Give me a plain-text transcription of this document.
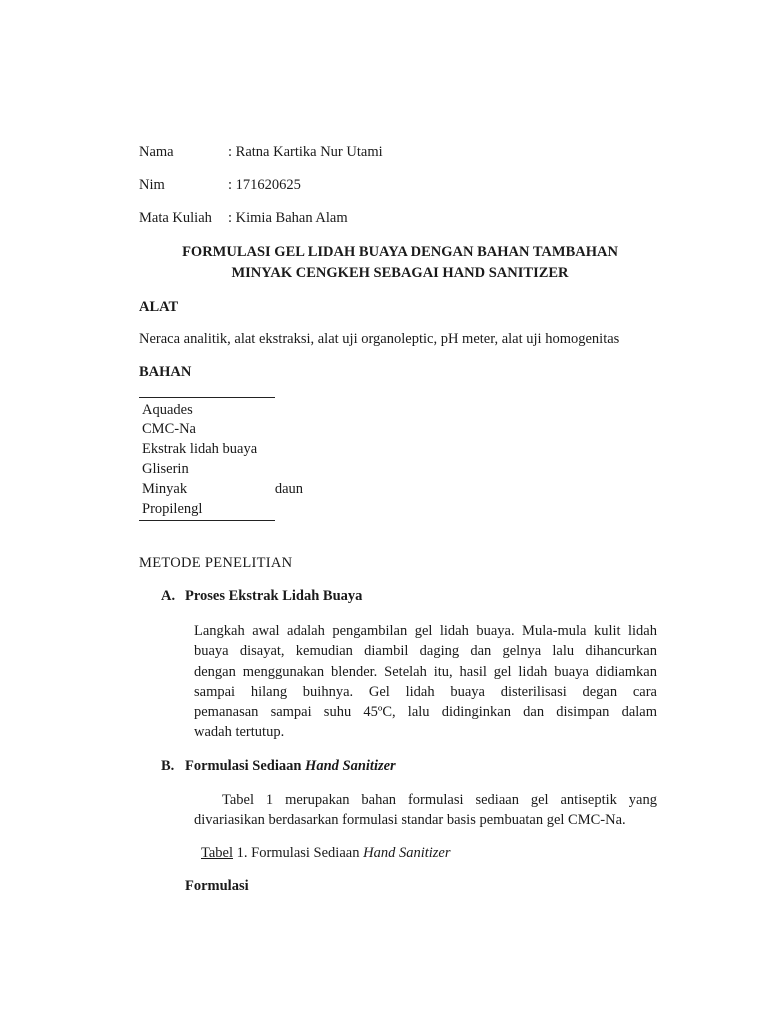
Nama	: Ratna Kartika Nur Utami
Nim	: 171620625
Mata Kuliah : Kimia Bahan Alam
FORMULASI GEL LIDAH BUAYA DENGAN BAHAN TAMBAHAN
MINYAK CENGKEH SEBAGAI HAND SANITIZER
ALAT
Neraca analitik, alat ekstraksi, alat uji organoleptic, pH meter, alat uji homogenitas
BAHAN
Aquades
CMC-Na
Ekstrak lidah buaya
Gliserin
Minyak	daun
Propilengl
METODE PENELITIAN
A. Proses Ekstrak Lidah Buaya
Langkah awal adalah pengambilan gel lidah buaya. Mula-mula kulit lidah
buaya disayat, kemudian diambil daging dan gelnya lalu dihancurkan
dengan menggunakan blender. Setelah itu, hasil gel lidah buaya didiamkan
sampai hilang buihnya. Gel lidah buaya disterilisasi degan cara
pemanasan sampai suhu 45ºC, lalu didinginkan dan disimpan dalam
wadah tertutup.
B. Formulasi Sediaan Hand Sanitizer
Tabel 1 merupakan bahan formulasi sediaan gel antiseptik yang
divariasikan berdasarkan formulasi standar basis pembuatan gel CMC-Na.
Tabel 1. Formulasi Sediaan Hand Sanitizer
Formulasi
